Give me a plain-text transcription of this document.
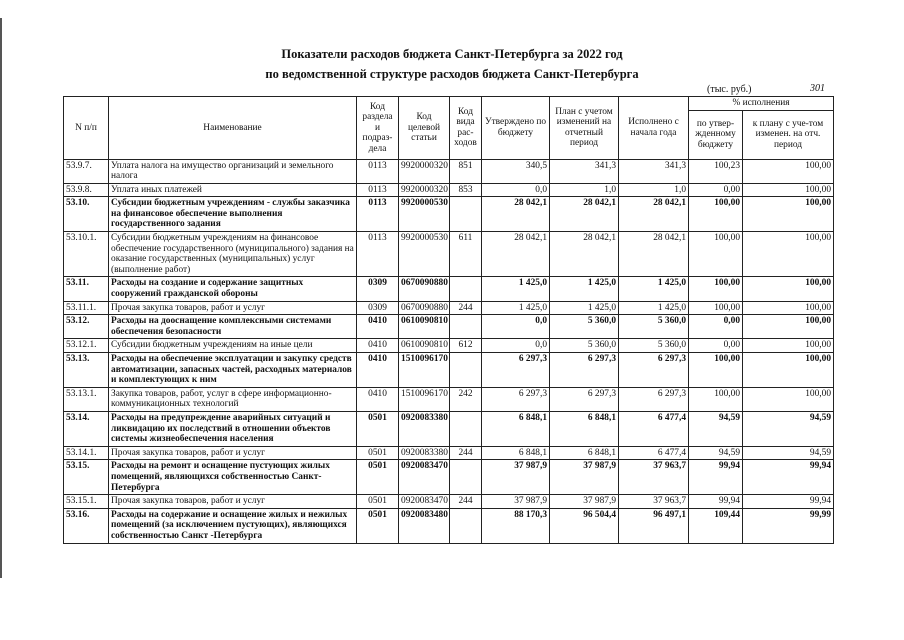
Показатели расходов бюджета Санкт-Петербурга за 2022 год
по ведомственной структуре расходов бюджета Санкт-Петербурга
(тыс. руб.)	301
N п/п	Наименование	Код раздела и подраз-дела	Код целевой статьи	Код вида рас-ходов	Утверждено по бюджету	План с учетом изменений на отчетный период	Исполнено с начала года	% исполнения	
								по утвер-жденному бюджету	к плану с уче-том изменен. на отч. период
53.9.7.	Уплата налога на имущество организаций и земельного налога	0113	9920000320	851	340,5	341,3	341,3	100,23	100,00
53.9.8.	Уплата иных платежей	0113	9920000320	853	0,0	1,0	1,0	0,00	100,00
53.10.	Субсидии бюджетным учреждениям - службы заказчика на финансовое обеспечение выполнения государственного задания	0113	9920000530		28 042,1	28 042,1	28 042,1	100,00	100,00
53.10.1.	Субсидии бюджетным учреждениям на финансовое обеспечение государственного (муниципального) задания на оказание государственных (муниципальных) услуг (выполнение работ)	0113	9920000530	611	28 042,1	28 042,1	28 042,1	100,00	100,00
53.11.	Расходы на создание и содержание защитных сооружений гражданской обороны	0309	0670090880		1 425,0	1 425,0	1 425,0	100,00	100,00
53.11.1.	Прочая закупка товаров, работ и услуг	0309	0670090880	244	1 425,0	1 425,0	1 425,0	100,00	100,00
53.12.	Расходы на дооснащение комплексными системами обеспечения безопасности	0410	0610090810		0,0	5 360,0	5 360,0	0,00	100,00
53.12.1.	Субсидии бюджетным учреждениям на иные цели	0410	0610090810	612	0,0	5 360,0	5 360,0	0,00	100,00
53.13.	Расходы на обеспечение эксплуатации и закупку средств автоматизации, запасных частей, расходных материалов и комплектующих к ним	0410	1510096170		6 297,3	6 297,3	6 297,3	100,00	100,00
53.13.1.	Закупка товаров, работ, услуг в сфере информационно-коммуникационных технологий	0410	1510096170	242	6 297,3	6 297,3	6 297,3	100,00	100,00
53.14.	Расходы на предупреждение аварийных ситуаций и ликвидацию их последствий в отношении объектов системы жизнеобеспечения населения	0501	0920083380		6 848,1	6 848,1	6 477,4	94,59	94,59
53.14.1.	Прочая закупка товаров, работ и услуг	0501	0920083380	244	6 848,1	6 848,1	6 477,4	94,59	94,59
53.15.	Расходы на ремонт и оснащение пустующих жилых помещений, являющихся собственностью Санкт-Петербурга	0501	0920083470		37 987,9	37 987,9	37 963,7	99,94	99,94
53.15.1.	Прочая закупка товаров, работ и услуг	0501	0920083470	244	37 987,9	37 987,9	37 963,7	99,94	99,94
53.16.	Расходы на содержание и оснащение жилых и нежилых помещений (за исключением пустующих), являющихся собственностью Санкт -Петербурга	0501	0920083480		88 170,3	96 504,4	96 497,1	109,44	99,99
